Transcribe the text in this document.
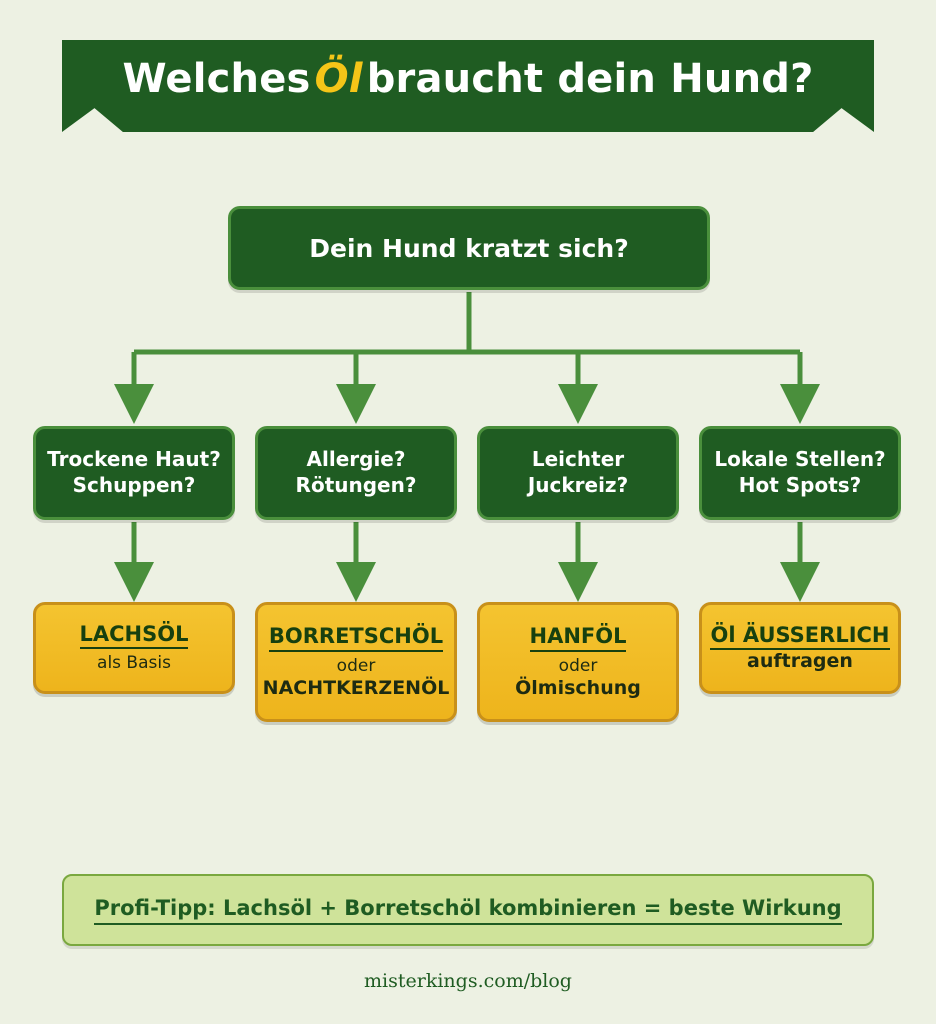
Welches Öl braucht dein Hund?
Dein Hund kratzt sich?
Trockene Haut?
Schuppen?
Allergie?
Rötungen?
Leichter
Juckreiz?
Lokale Stellen?
Hot Spots?
LACHSÖL
als Basis
BORRETSCHÖL
oder
NACHTKERZENÖL
HANFÖL
oder
Ölmischung
Öl ÄUSSERLICH
auftragen
Profi-Tipp: Lachsöl + Borretschöl kombinieren = beste Wirkung
misterkings.com/blog
